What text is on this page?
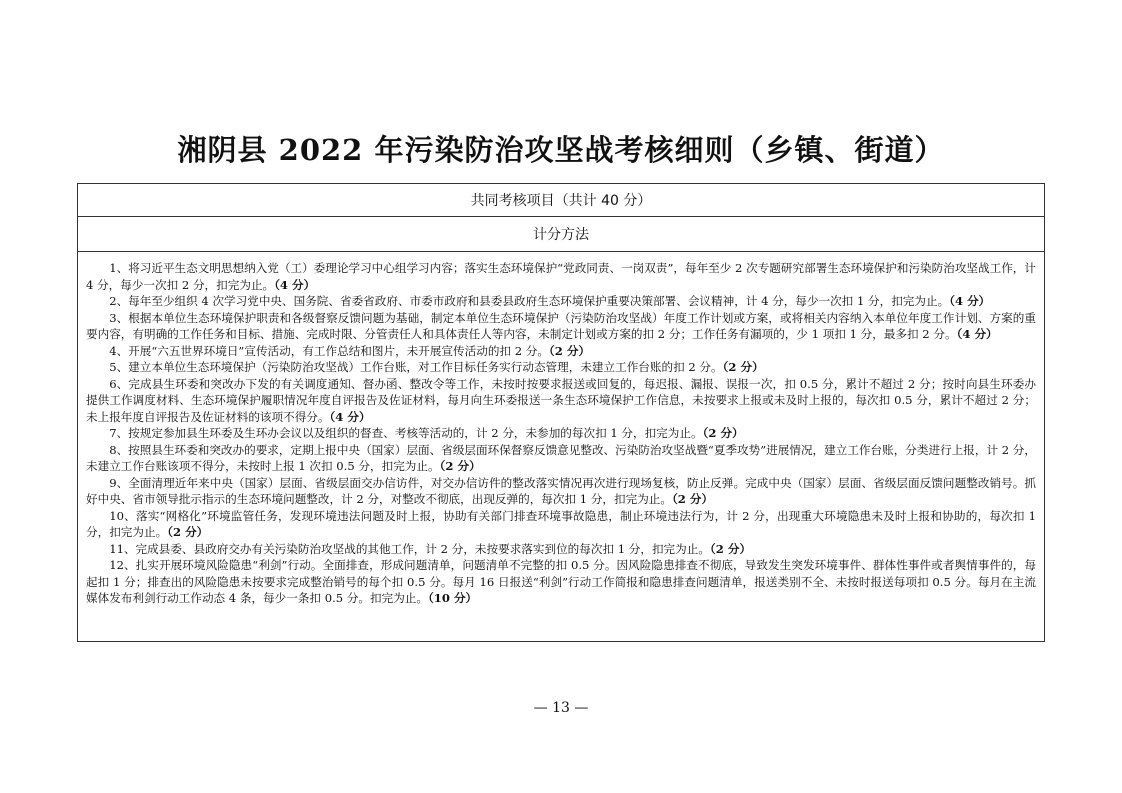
湘阴县 2022 年污染防治攻坚战考核细则（乡镇、街道）
共同考核项目（共计 40 分）
计分方法

1、将习近平生态文明思想纳入党（工）委理论学习中心组学习内容；落实生态环境保护“党政同责、一岗双责”，每年至少 2 次专题研究部署生态环境保护和污染防治攻坚战工作，计 4 分，每少一次扣 2 分，扣完为止。（4 分）

2、每年至少组织 4 次学习党中央、国务院、省委省政府、市委市政府和县委县政府生态环境保护重要决策部署、会议精神，计 4 分，每少一次扣 1 分，扣完为止。（4 分）

3、根据本单位生态环境保护职责和各级督察反馈问题为基础，制定本单位生态环境保护（污染防治攻坚战）年度工作计划或方案，或将相关内容纳入本单位年度工作计划、方案的重要内容，有明确的工作任务和目标、措施、完成时限、分管责任人和具体责任人等内容，未制定计划或方案的扣 2 分；工作任务有漏项的，少 1 项扣 1 分，最多扣 2 分。（4 分）

4、开展“六五世界环境日”宣传活动，有工作总结和图片，未开展宣传活动的扣 2 分。（2 分）

5、建立本单位生态环境保护（污染防治攻坚战）工作台账，对工作目标任务实行动态管理，未建立工作台账的扣 2 分。（2 分）

6、完成县生环委和突改办下发的有关调度通知、督办函、整改令等工作，未按时按要求报送或回复的，每迟报、漏报、误报一次，扣 0.5 分，累计不超过 2 分；按时向县生环委办提供工作调度材料、生态环境保护履职情况年度自评报告及佐证材料，每月向生环委报送一条生态环境保护工作信息，未按要求上报或未及时上报的，每次扣 0.5 分，累计不超过 2 分；未上报年度自评报告及佐证材料的该项不得分。（4 分）

7、按规定参加县生环委及生环办会议以及组织的督查、考核等活动的，计 2 分，未参加的每次扣 1 分，扣完为止。（2 分）

8、按照县生环委和突改办的要求，定期上报中央（国家）层面、省级层面环保督察反馈意见整改、污染防治攻坚战暨“夏季攻势”进展情况，建立工作台账，分类进行上报，计 2 分，未建立工作台账该项不得分，未按时上报 1 次扣 0.5 分，扣完为止。（2 分）

9、全面清理近年来中央（国家）层面、省级层面交办信访件，对交办信访件的整改落实情况再次进行现场复核，防止反弹。完成中央（国家）层面、省级层面反馈问题整改销号。抓好中央、省市领导批示指示的生态环境问题整改，计 2 分，对整改不彻底，出现反弹的，每次扣 1 分，扣完为止。（2 分）

10、落实“网格化”环境监管任务，发现环境违法问题及时上报，协助有关部门排查环境事故隐患，制止环境违法行为，计 2 分，出现重大环境隐患未及时上报和协助的，每次扣 1 分，扣完为止。（2 分）

11、完成县委、县政府交办有关污染防治攻坚战的其他工作，计 2 分，未按要求落实到位的每次扣 1 分，扣完为止。（2 分）

12、扎实开展环境风险隐患“利剑”行动。全面排查，形成问题清单，问题清单不完整的扣 0.5 分。因风险隐患排查不彻底，导致发生突发环境事件、群体性事件或者舆情事件的，每起扣 1 分；排查出的风险隐患未按要求完成整治销号的每个扣 0.5 分。每月 16 日报送“利剑”行动工作简报和隐患排查问题清单，报送类别不全、未按时报送每项扣 0.5 分。每月在主流媒体发布利剑行动工作动态 4 条，每少一条扣 0.5 分。扣完为止。（10 分）

— 13 —
